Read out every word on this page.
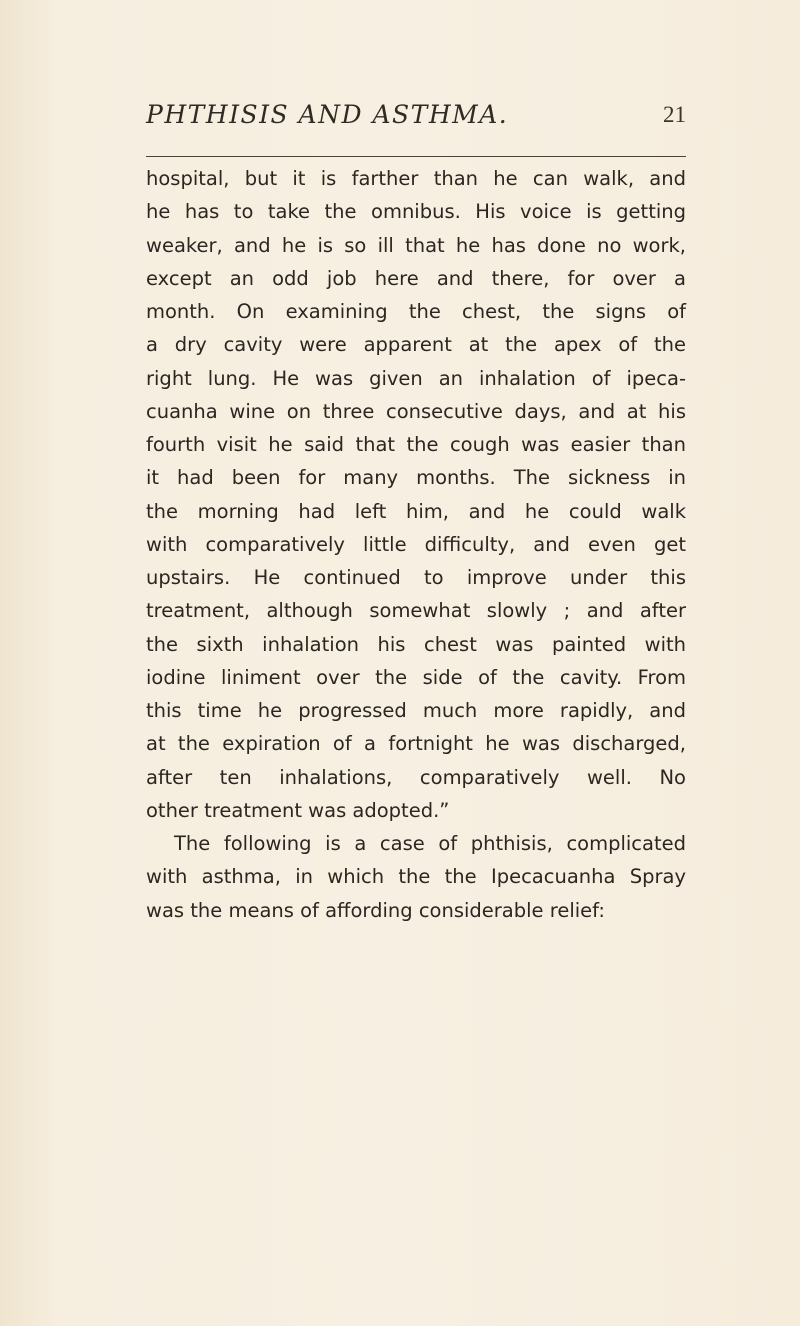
PHTHISIS AND ASTHMA.	21
hospital, but it is farther than he can walk, and
he has to take the omnibus. His voice is getting
weaker, and he is so ill that he has done no work,
except an odd job here and there, for over a
month. On examining the chest, the signs of
a dry cavity were apparent at the apex of the
right lung. He was given an inhalation of ipeca-
cuanha wine on three consecutive days, and at his
fourth visit he said that the cough was easier than
it had been for many months. The sickness in
the morning had left him, and he could walk
with comparatively little difficulty, and even get
upstairs. He continued to improve under this
treatment, although somewhat slowly ; and after
the sixth inhalation his chest was painted with
iodine liniment over the side of the cavity. From
this time he progressed much more rapidly, and
at the expiration of a fortnight he was discharged,
after ten inhalations, comparatively well. No
other treatment was adopted.”
The following is a case of phthisis, complicated
with asthma, in which the the Ipecacuanha Spray
was the means of affording considerable relief:
